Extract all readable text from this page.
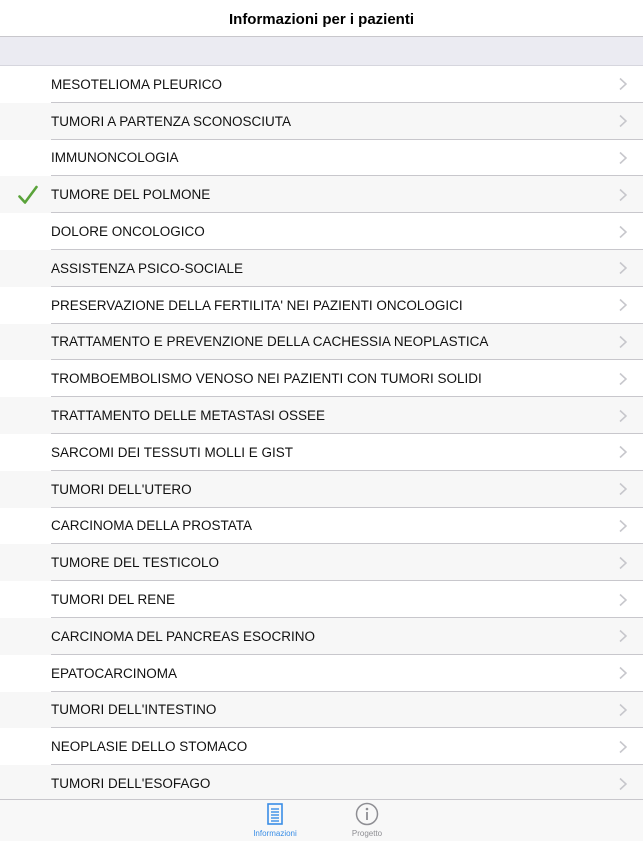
Informazioni per i pazienti
MESOTELIOMA PLEURICO
TUMORI A PARTENZA SCONOSCIUTA
IMMUNONCOLOGIA
TUMORE DEL POLMONE
DOLORE ONCOLOGICO
ASSISTENZA PSICO-SOCIALE
PRESERVAZIONE DELLA FERTILITA' NEI PAZIENTI ONCOLOGICI
TRATTAMENTO E PREVENZIONE DELLA CACHESSIA NEOPLASTICA
TROMBOEMBOLISMO VENOSO NEI PAZIENTI CON TUMORI SOLIDI
TRATTAMENTO DELLE METASTASI OSSEE
SARCOMI DEI TESSUTI MOLLI E GIST
TUMORI DELL'UTERO
CARCINOMA DELLA PROSTATA
TUMORE DEL TESTICOLO
TUMORI DEL RENE
CARCINOMA DEL PANCREAS ESOCRINO
EPATOCARCINOMA
TUMORI DELL'INTESTINO
NEOPLASIE DELLO STOMACO
TUMORI DELL'ESOFAGO
Informazioni	Progetto
